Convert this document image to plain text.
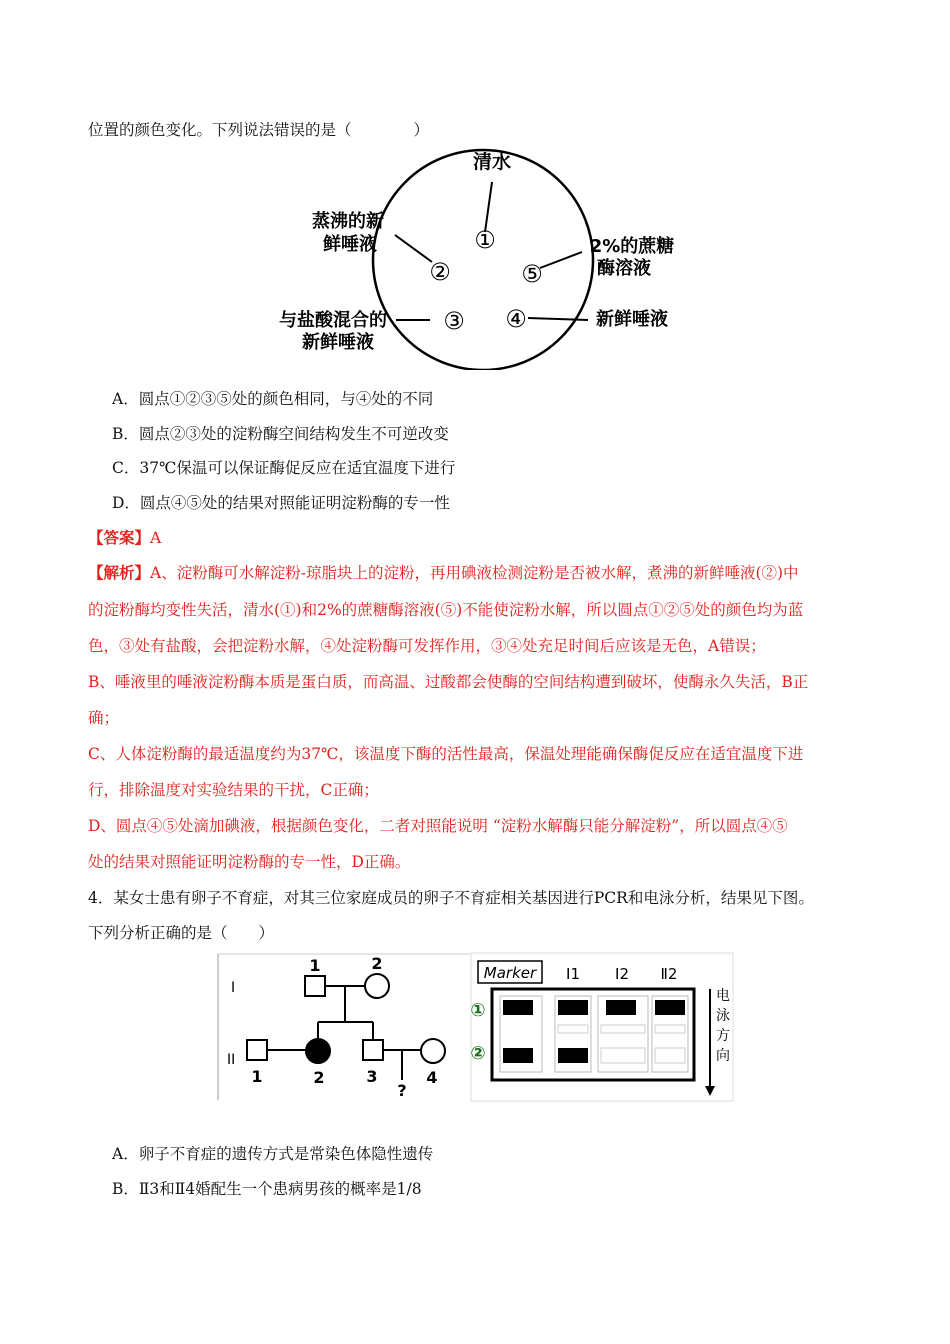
位置的颜色变化。下列说法错误的是（　　　　）
清水
蒸沸的新
鲜唾液	2%的蔗糖
酶溶液
与盐酸混合的
新鲜唾液
新鲜唾液
①
②	⑤
③ ④
A．圆点①②③⑤处的颜色相同，与④处的不同
B．圆点②③处的淀粉酶空间结构发生不可逆改变
C．37℃保温可以保证酶促反应在适宜温度下进行
D．圆点④⑤处的结果对照能证明淀粉酶的专一性
【答案】A
【解析】A、淀粉酶可水解淀粉-琼脂块上的淀粉，再用碘液检测淀粉是否被水解，煮沸的新鲜唾液(②)中
的淀粉酶均变性失活，清水(①)和2%的蔗糖酶溶液(⑤)不能使淀粉水解，所以圆点①②⑤处的颜色均为蓝
色，③处有盐酸，会把淀粉水解，④处淀粉酶可发挥作用，③④处充足时间后应该是无色，A错误；
B、唾液里的唾液淀粉酶本质是蛋白质，而高温、过酸都会使酶的空间结构遭到破坏，使酶永久失活，B正
确；
C、人体淀粉酶的最适温度约为37℃，该温度下酶的活性最高，保温处理能确保酶促反应在适宜温度下进
行，排除温度对实验结果的干扰，C正确；
D、圆点④⑤处滴加碘液，根据颜色变化，二者对照能说明 “淀粉水解酶只能分解淀粉”，所以圆点④⑤
处的结果对照能证明淀粉酶的专一性，D正确。
4．某女士患有卵子不育症，对其三位家庭成员的卵子不育症相关基因进行PCR和电泳分析，结果见下图。
下列分析正确的是（　　）
I
II
1	2
1	2	3	4
?
Marker Ⅰ1 Ⅰ2 Ⅱ2
①
②
电
泳
方
向
A．卵子不育症的遗传方式是常染色体隐性遗传
B．Ⅱ3和Ⅱ4婚配生一个患病男孩的概率是1/8
